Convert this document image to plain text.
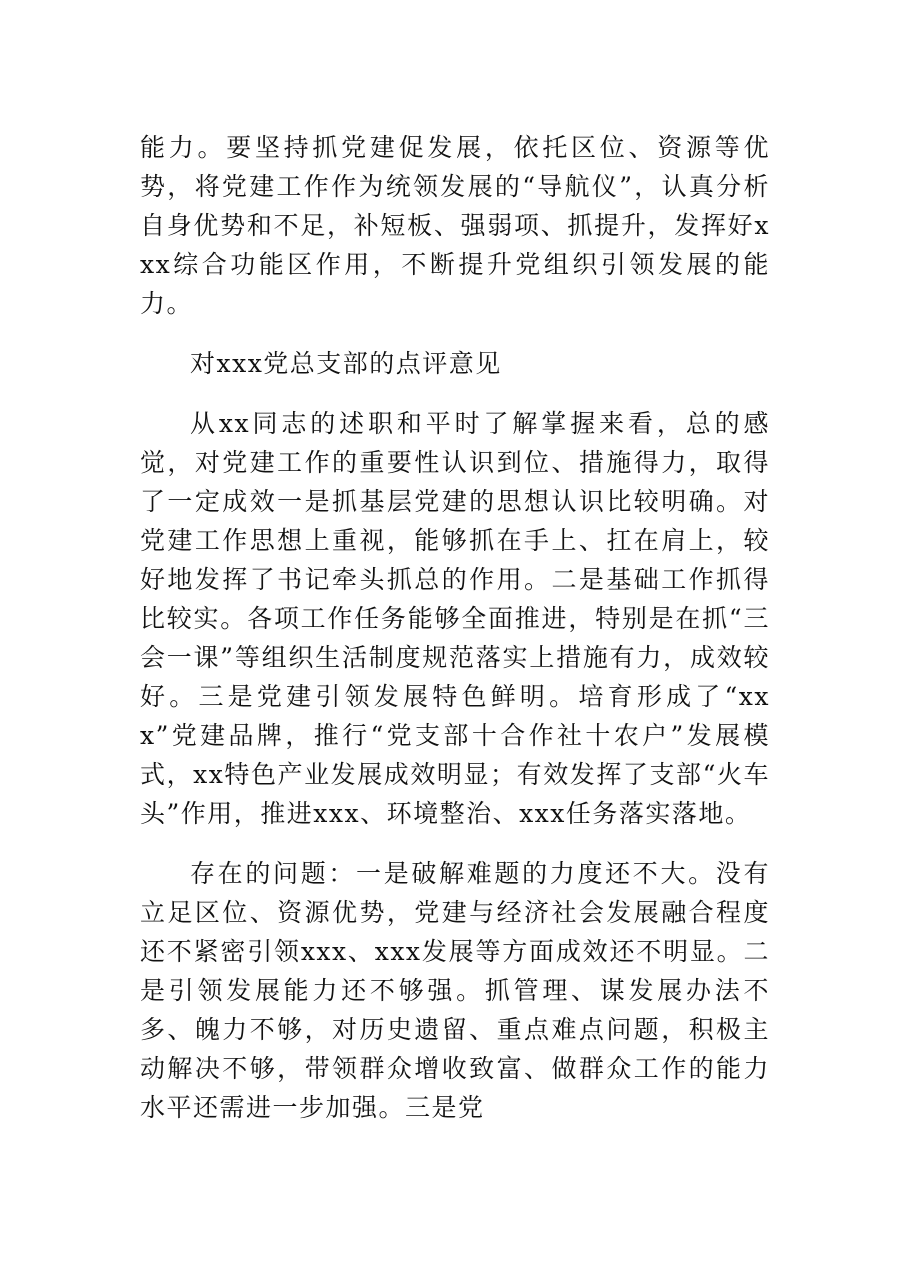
能力。要坚持抓党建促发展，依托区位、资源等优势，将党建工作作为统领发展的“导航仪”，认真分析自身优势和不足，补短板、强弱项、抓提升，发挥好xxx综合功能区作用，不断提升党组织引领发展的能力。

对xxx党总支部的点评意见

从xx同志的述职和平时了解掌握来看，总的感觉，对党建工作的重要性认识到位、措施得力，取得了一定成效一是抓基层党建的思想认识比较明确。对党建工作思想上重视，能够抓在手上、扛在肩上，较好地发挥了书记牵头抓总的作用。二是基础工作抓得比较实。各项工作任务能够全面推进，特别是在抓“三会一课”等组织生活制度规范落实上措施有力，成效较好。三是党建引领发展特色鲜明。培育形成了“xxx”党建品牌，推行“党支部十合作社十农户”发展模式，xx特色产业发展成效明显；有效发挥了支部“火车头”作用，推进xxx、环境整治、xxx任务落实落地。

存在的问题：一是破解难题的力度还不大。没有立足区位、资源优势，党建与经济社会发展融合程度还不紧密引领xxx、xxx发展等方面成效还不明显。二是引领发展能力还不够强。抓管理、谋发展办法不多、魄力不够，对历史遗留、重点难点问题，积极主动解决不够，带领群众增收致富、做群众工作的能力水平还需进一步加强。三是党
